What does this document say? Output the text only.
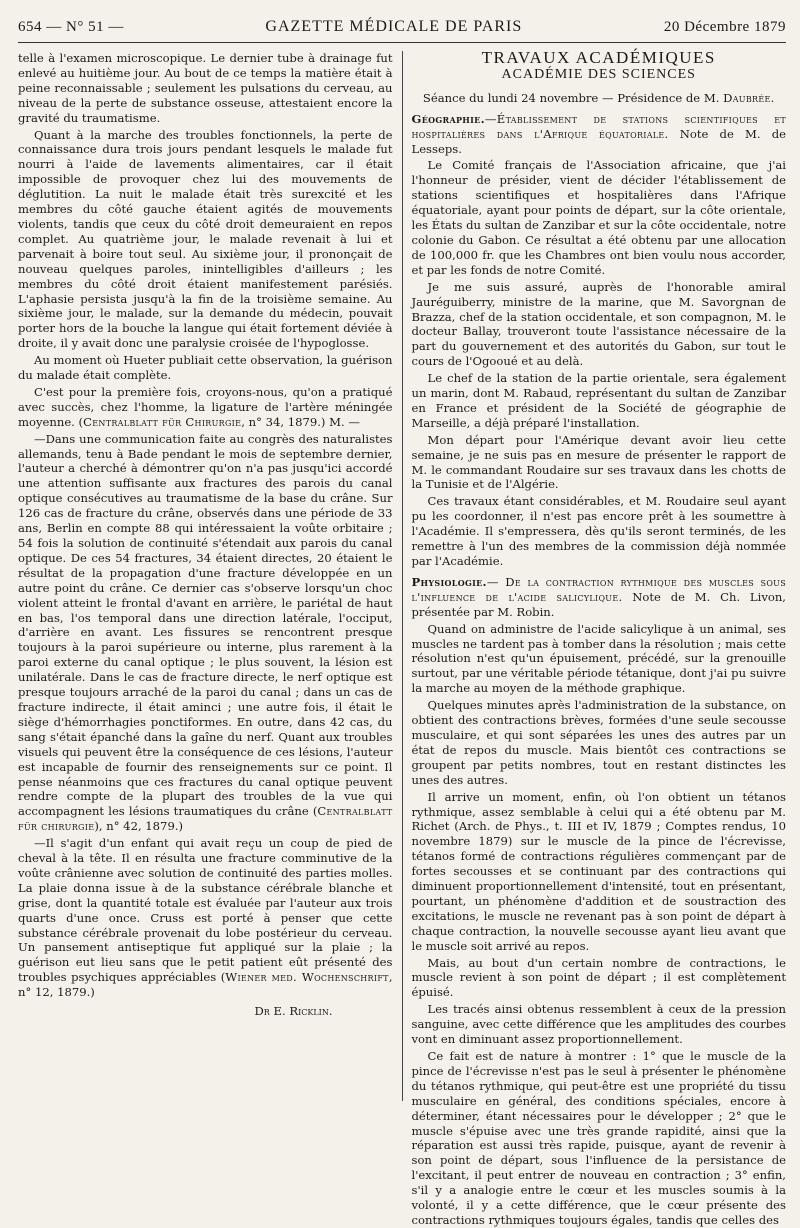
654 — N° 51 —	GAZETTE MÉDICALE DE PARIS	20 Décembre 1879

telle à l'examen microscopique. Le dernier tube à drainage fut enlevé au huitième jour. Au bout de ce temps la matière était à peine reconnaissable ; seulement les pulsations du cerveau, au niveau de la perte de substance osseuse, attestaient encore la gravité du traumatisme.

Quant à la marche des troubles fonctionnels, la perte de connaissance dura trois jours pendant lesquels le malade fut nourri à l'aide de lavements alimentaires, car il était impossible de provoquer chez lui des mouvements de déglutition. La nuit le malade était très surexcité et les membres du côté gauche étaient agités de mouvements violents, tandis que ceux du côté droit demeuraient en repos complet. Au quatrième jour, le malade revenait à lui et parvenait à boire tout seul. Au sixième jour, il prononçait de nouveau quelques paroles, inintelligibles d'ailleurs ; les membres du côté droit étaient manifestement parésiés. L'aphasie persista jusqu'à la fin de la troisième semaine. Au sixième jour, le malade, sur la demande du médecin, pouvait porter hors de la bouche la langue qui était fortement déviée à droite, il y avait donc une paralysie croisée de l'hypoglosse.

Au moment où Hueter publiait cette observation, la guérison du malade était complète.

C'est pour la première fois, croyons-nous, qu'on a pratiqué avec succès, chez l'homme, la ligature de l'artère méningée moyenne. (Centralblatt für Chirurgie, n° 34, 1879.) M. —

—Dans une communication faite au congrès des naturalistes allemands, tenu à Bade pendant le mois de septembre dernier, l'auteur a cherché à démontrer qu'on n'a pas jusqu'ici accordé une attention suffisante aux fractures des parois du canal optique consécutives au traumatisme de la base du crâne. Sur 126 cas de fracture du crâne, observés dans une période de 33 ans, Berlin en compte 88 qui intéressaient la voûte orbitaire ; 54 fois la solution de continuité s'étendait aux parois du canal optique. De ces 54 fractures, 34 étaient directes, 20 étaient le résultat de la propagation d'une fracture développée en un autre point du crâne. Ce dernier cas s'observe lorsqu'un choc violent atteint le frontal d'avant en arrière, le pariétal de haut en bas, l'os temporal dans une direction latérale, l'occiput, d'arrière en avant. Les fissures se rencontrent presque toujours à la paroi supérieure ou interne, plus rarement à la paroi externe du canal optique ; le plus souvent, la lésion est unilatérale. Dans le cas de fracture directe, le nerf optique est presque toujours arraché de la paroi du canal ; dans un cas de fracture indirecte, il était aminci ; une autre fois, il était le siège d'hémorrhagies ponctiformes. En outre, dans 42 cas, du sang s'était épanché dans la gaîne du nerf. Quant aux troubles visuels qui peuvent être la conséquence de ces lésions, l'auteur est incapable de fournir des renseignements sur ce point. Il pense néanmoins que ces fractures du canal optique peuvent rendre compte de la plupart des troubles de la vue qui accompagnent les lésions traumatiques du crâne (Centralblatt für chirurgie), n° 42, 1879.)

—Il s'agit d'un enfant qui avait reçu un coup de pied de cheval à la tête. Il en résulta une fracture comminutive de la voûte crânienne avec solution de continuité des parties molles. La plaie donna issue à de la substance cérébrale blanche et grise, dont la quantité totale est évaluée par l'auteur aux trois quarts d'une once. Cruss est porté à penser que cette substance cérébrale provenait du lobe postérieur du cerveau. Un pansement antiseptique fut appliqué sur la plaie ; la guérison eut lieu sans que le petit patient eût présenté des troubles psychiques appréciables (Wiener med. Wochenschrift, n° 12, 1879.)

Dr E. Ricklin.

TRAVAUX ACADÉMIQUES
ACADÉMIE DES SCIENCES

Séance du lundi 24 novembre — Présidence de M. Daubrée.

Géographie.—Établissement de stations scientifiques et hospitalières dans l'Afrique équatoriale. Note de M. de Lesseps.

Le Comité français de l'Association africaine, que j'ai l'honneur de présider, vient de décider l'établissement de stations scientifiques et hospitalières dans l'Afrique équatoriale, ayant pour points de départ, sur la côte orientale, les États du sultan de Zanzibar et sur la côte occidentale, notre colonie du Gabon. Ce résultat a été obtenu par une allocation de 100,000 fr. que les Chambres ont bien voulu nous accorder, et par les fonds de notre Comité.

Je me suis assuré, auprès de l'honorable amiral Jauréguiberry, ministre de la marine, que M. Savorgnan de Brazza, chef de la station occidentale, et son compagnon, M. le docteur Ballay, trouveront toute l'assistance nécessaire de la part du gouvernement et des autorités du Gabon, sur tout le cours de l'Ogooué et au delà.

Le chef de la station de la partie orientale, sera également un marin, dont M. Rabaud, représentant du sultan de Zanzibar en France et président de la Société de géographie de Marseille, a déjà préparé l'installation.

Mon départ pour l'Amérique devant avoir lieu cette semaine, je ne suis pas en mesure de présenter le rapport de M. le commandant Roudaire sur ses travaux dans les chotts de la Tunisie et de l'Algérie.

Ces travaux étant considérables, et M. Roudaire seul ayant pu les coordonner, il n'est pas encore prêt à les soumettre à l'Académie. Il s'empressera, dès qu'ils seront terminés, de les remettre à l'un des membres de la commission déjà nommée par l'Académie.

Physiologie.— De la contraction rythmique des muscles sous l'influence de l'acide salicylique. Note de M. Ch. Livon, présentée par M. Robin.

Quand on administre de l'acide salicylique à un animal, ses muscles ne tardent pas à tomber dans la résolution ; mais cette résolution n'est qu'un épuisement, précédé, sur la grenouille surtout, par une véritable période tétanique, dont j'ai pu suivre la marche au moyen de la méthode graphique.

Quelques minutes après l'administration de la substance, on obtient des contractions brèves, formées d'une seule secousse musculaire, et qui sont séparées les unes des autres par un état de repos du muscle. Mais bientôt ces contractions se groupent par petits nombres, tout en restant distinctes les unes des autres.

Il arrive un moment, enfin, où l'on obtient un tétanos rythmique, assez semblable à celui qui a été obtenu par M. Richet (Arch. de Phys., t. III et IV, 1879 ; Comptes rendus, 10 novembre 1879) sur le muscle de la pince de l'écrevisse, tétanos formé de contractions régulières commençant par de fortes secousses et se continuant par des contractions qui diminuent proportionnellement d'intensité, tout en présentant, pourtant, un phénomène d'addition et de soustraction des excitations, le muscle ne revenant pas à son point de départ à chaque contraction, la nouvelle secousse ayant lieu avant que le muscle soit arrivé au repos.

Mais, au bout d'un certain nombre de contractions, le muscle revient à son point de départ ; il est complètement épuisé.

Les tracés ainsi obtenus ressemblent à ceux de la pression sanguine, avec cette différence que les amplitudes des courbes vont en diminuant assez proportionnellement.

Ce fait est de nature à montrer : 1° que le muscle de la pince de l'écrevisse n'est pas le seul à présenter le phénomène du tétanos rythmique, qui peut-être est une propriété du tissu musculaire en général, des conditions spéciales, encore à déterminer, étant nécessaires pour le développer ; 2° que le muscle s'épuise avec une très grande rapidité, ainsi que la réparation est aussi très rapide, puisque, ayant de revenir à son point de départ, sous l'influence de la persistance de l'excitant, il peut entrer de nouveau en contraction ; 3° enfin, s'il y a analogie entre le cœur et les muscles soumis à la volonté, il y a cette différence, que le cœur présente des contractions rythmiques toujours égales, tandis que celles des
